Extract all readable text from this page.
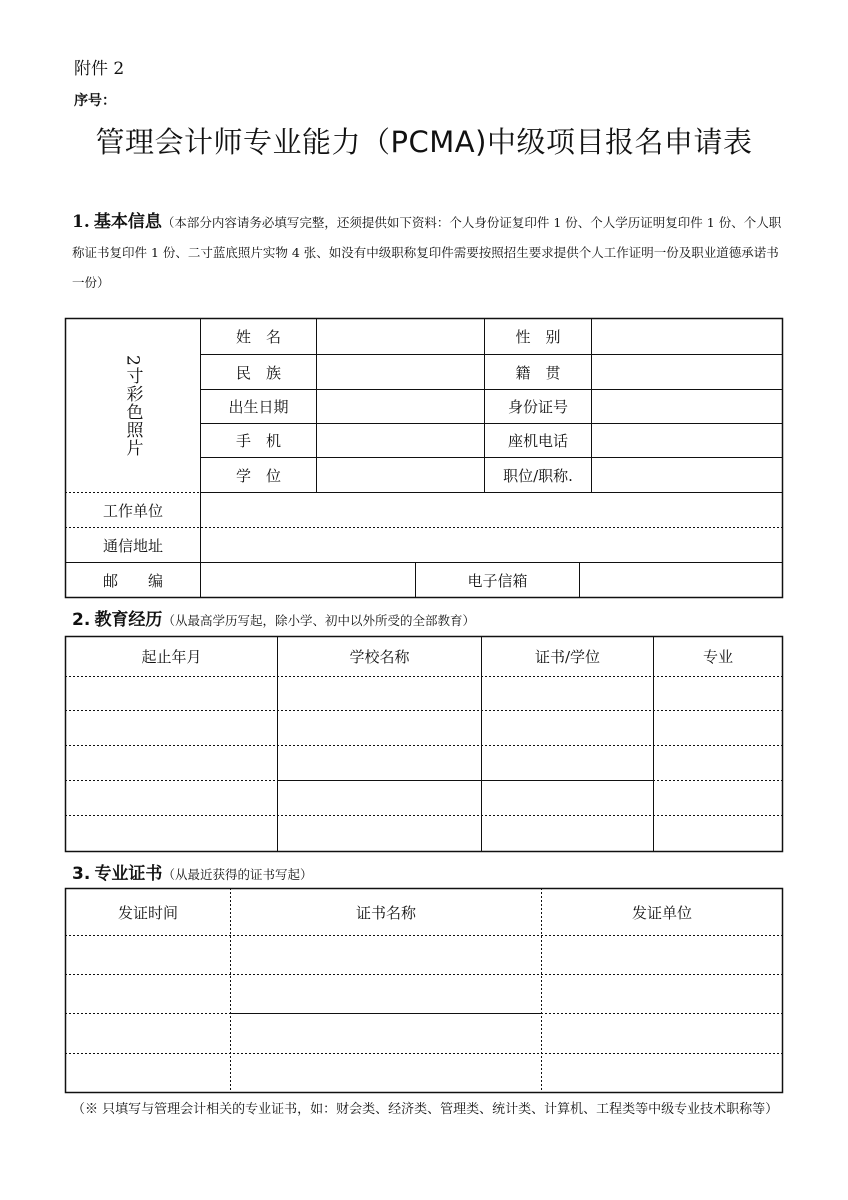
附件 2
序号：
管理会计师专业能力（PCMA)中级项目报名申请表
1. 基本信息（本部分内容请务必填写完整，还须提供如下资料：个人身份证复印件 1 份、个人学历证明复印件 1 份、个人职称证书复印件 1 份、二寸蓝底照片实物 4 张、如没有中级职称复印件需要按照招生要求提供个人工作证明一份及职业道德承诺书一份）
2寸彩色照片
姓　名	性　别
民　族	籍　贯
出生日期	身份证号
手　机	座机电话
学　位	职位/职称.
工作单位
通信地址
邮　　编	电子信箱
2. 教育经历（从最高学历写起，除小学、初中以外所受的全部教育）
起止年月	学校名称	证书/学位	专业
3. 专业证书（从最近获得的证书写起）
发证时间	证书名称	发证单位
（※ 只填写与管理会计相关的专业证书，如：财会类、经济类、管理类、统计类、计算机、工程类等中级专业技术职称等）
